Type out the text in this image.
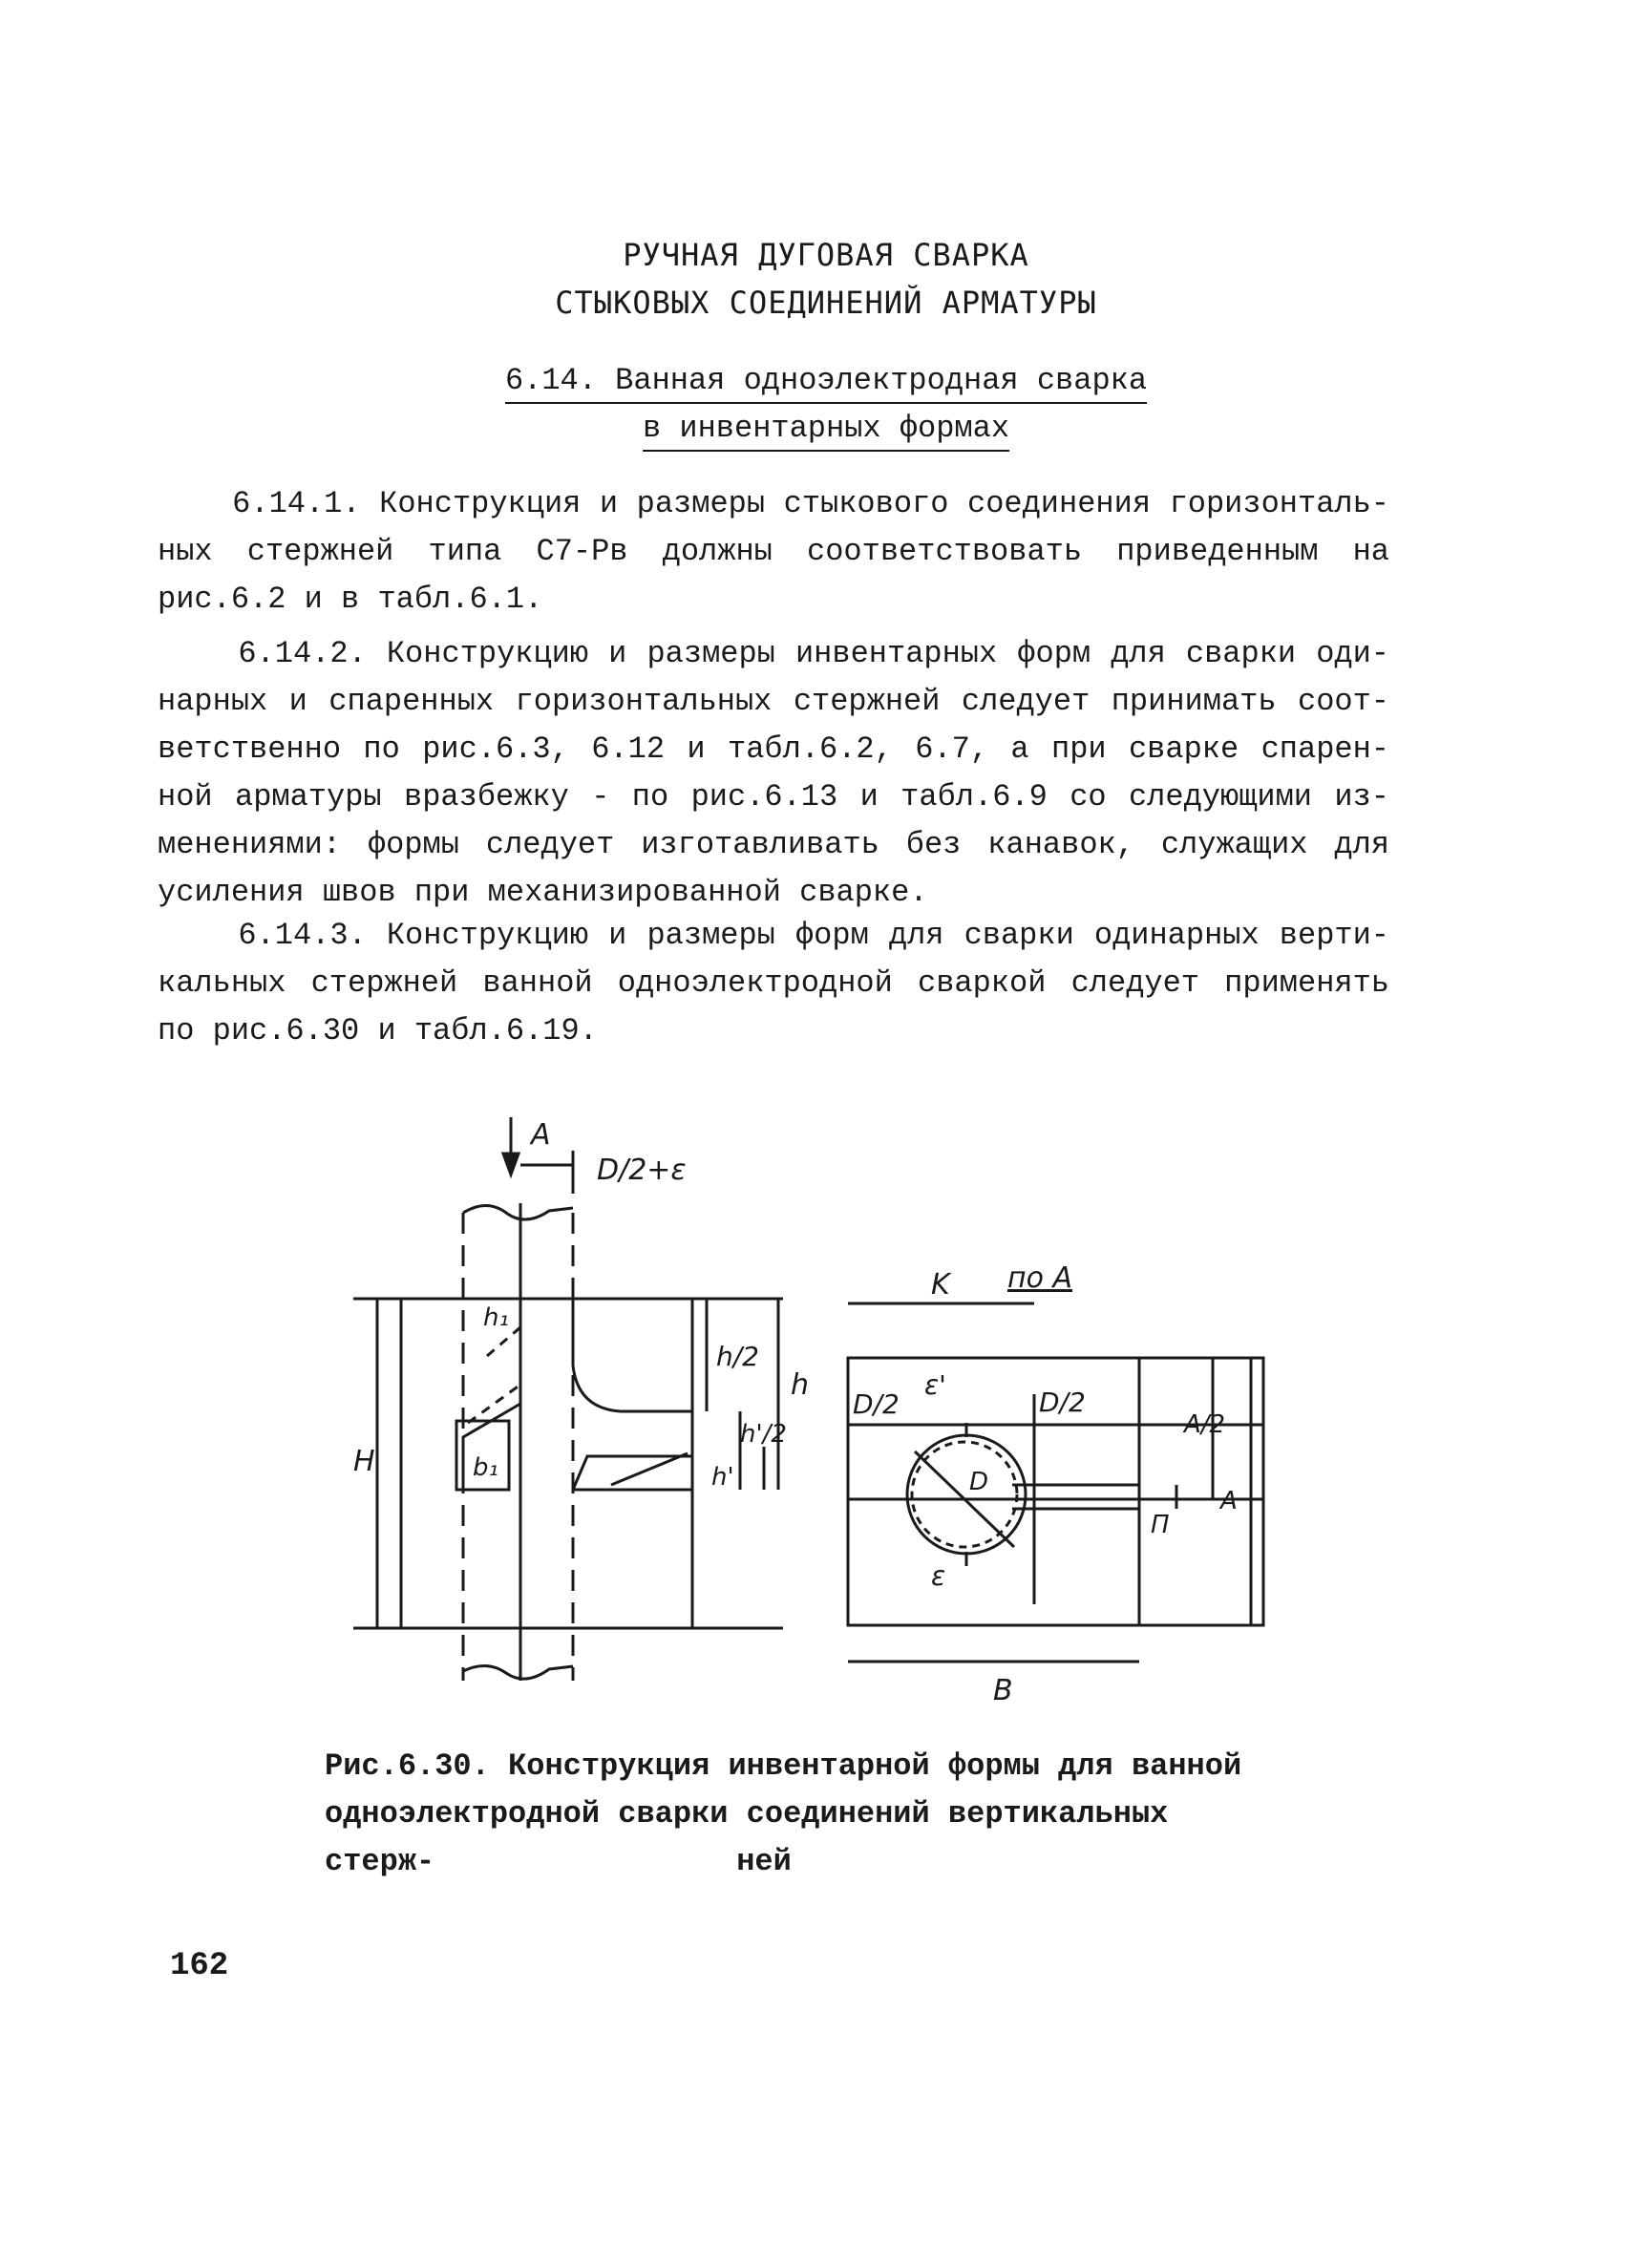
РУЧНАЯ ДУГОВАЯ СВАРКА
СТЫКОВЫХ СОЕДИНЕНИЙ АРМАТУРЫ
6.14. Ванная одноэлектродная сварка
в инвентарных формах
6.14.1. Конструкция и размеры стыкового соединения горизонталь-
ных стержней типа С7-Рв должны соответствовать приведенным на
рис.6.2 и в табл.6.1.
6.14.2. Конструкцию и размеры инвентарных форм для сварки оди-
нарных и спаренных горизонтальных стержней следует принимать соот-
ветственно по рис.6.3, 6.12 и табл.6.2, 6.7, а при сварке спарен-
ной арматуры вразбежку - по рис.6.13 и табл.6.9 со следующими из-
менениями: формы следует изготавливать без канавок, служащих для
усиления швов при механизированной сварке.
6.14.3. Конструкцию и размеры форм для сварки одинарных верти-
кальных стержней ванной одноэлектродной сваркой следует применять
по рис.6.30 и табл.6.19.
A
D/2+ε
H
h
h/2
h₁
b₁	h'
h'/2
по А
K
D/2	D/2
ε'
ε
D
A/2
A
П
B
Рис.6.30. Конструкция инвентарной формы для ванной
одноэлектродной сварки соединений вертикальных стерж-	ней
162
